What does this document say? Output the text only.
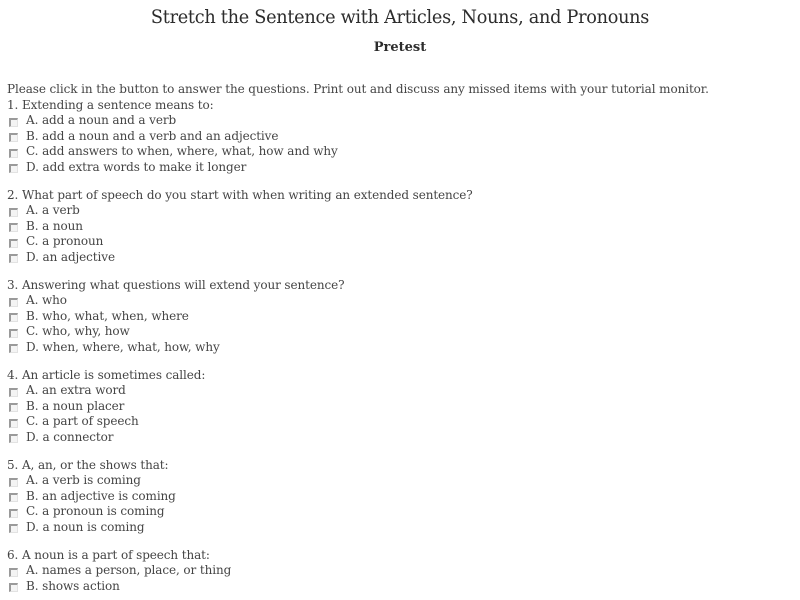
Stretch the Sentence with Articles, Nouns, and Pronouns
Pretest

Please click in the button to answer the questions. Print out and discuss any missed items with your tutorial monitor.

1. Extending a sentence means to:

A. add a noun and a verb
B. add a noun and a verb and an adjective
C. add answers to when, where, what, how and why
D. add extra words to make it longer

2. What part of speech do you start with when writing an extended sentence?

A. a verb
B. a noun
C. a pronoun
D. an adjective

3. Answering what questions will extend your sentence?

A. who
B. who, what, when, where
C. who, why, how
D. when, where, what, how, why

4. An article is sometimes called:

A. an extra word
B. a noun placer
C. a part of speech
D. a connector

5. A, an, or the shows that:

A. a verb is coming
B. an adjective is coming
C. a pronoun is coming
D. a noun is coming

6. A noun is a part of speech that:

A. names a person, place, or thing
B. shows action
